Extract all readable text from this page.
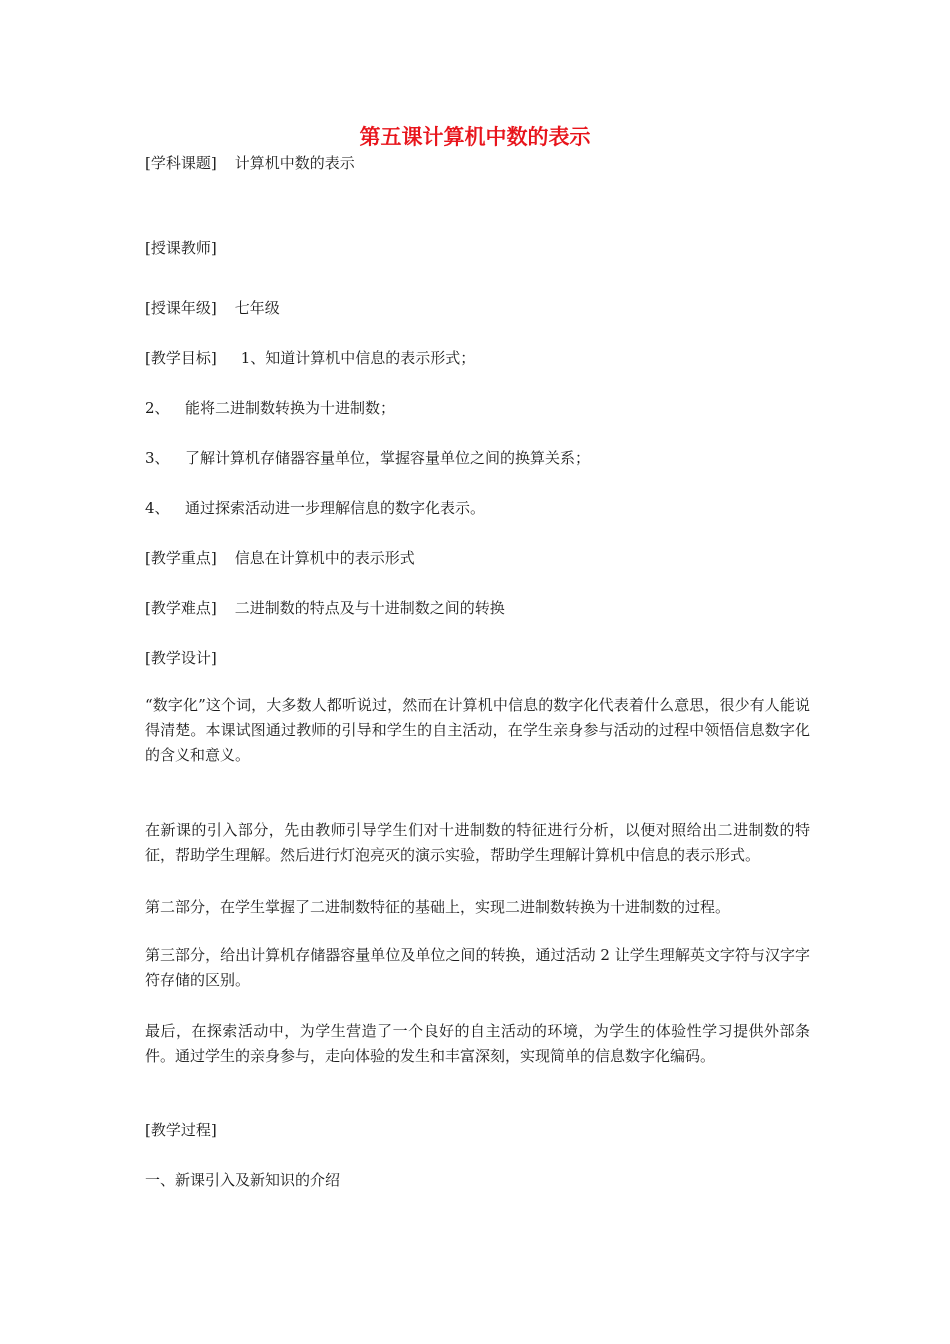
第五课计算机中数的表示

[学科课题] 计算机中数的表示

[授课教师]

[授课年级] 七年级

[教学目标] 1、知道计算机中信息的表示形式；

2、 能将二进制数转换为十进制数；

3、 了解计算机存储器容量单位，掌握容量单位之间的换算关系；

4、 通过探索活动进一步理解信息的数字化表示。

[教学重点] 信息在计算机中的表示形式

[教学难点] 二进制数的特点及与十进制数之间的转换

[教学设计]

“数字化”这个词，大多数人都听说过，然而在计算机中信息的数字化代表着什么意思，很少有人能说得清楚。本课试图通过教师的引导和学生的自主活动，在学生亲身参与活动的过程中领悟信息数字化的含义和意义。

在新课的引入部分，先由教师引导学生们对十进制数的特征进行分析，以便对照给出二进制数的特征，帮助学生理解。然后进行灯泡亮灭的演示实验，帮助学生理解计算机中信息的表示形式。

第二部分，在学生掌握了二进制数特征的基础上，实现二进制数转换为十进制数的过程。

第三部分，给出计算机存储器容量单位及单位之间的转换，通过活动 2 让学生理解英文字符与汉字字符存储的区别。

最后，在探索活动中，为学生营造了一个良好的自主活动的环境，为学生的体验性学习提供外部条件。通过学生的亲身参与，走向体验的发生和丰富深刻，实现简单的信息数字化编码。

[教学过程]

一、新课引入及新知识的介绍
